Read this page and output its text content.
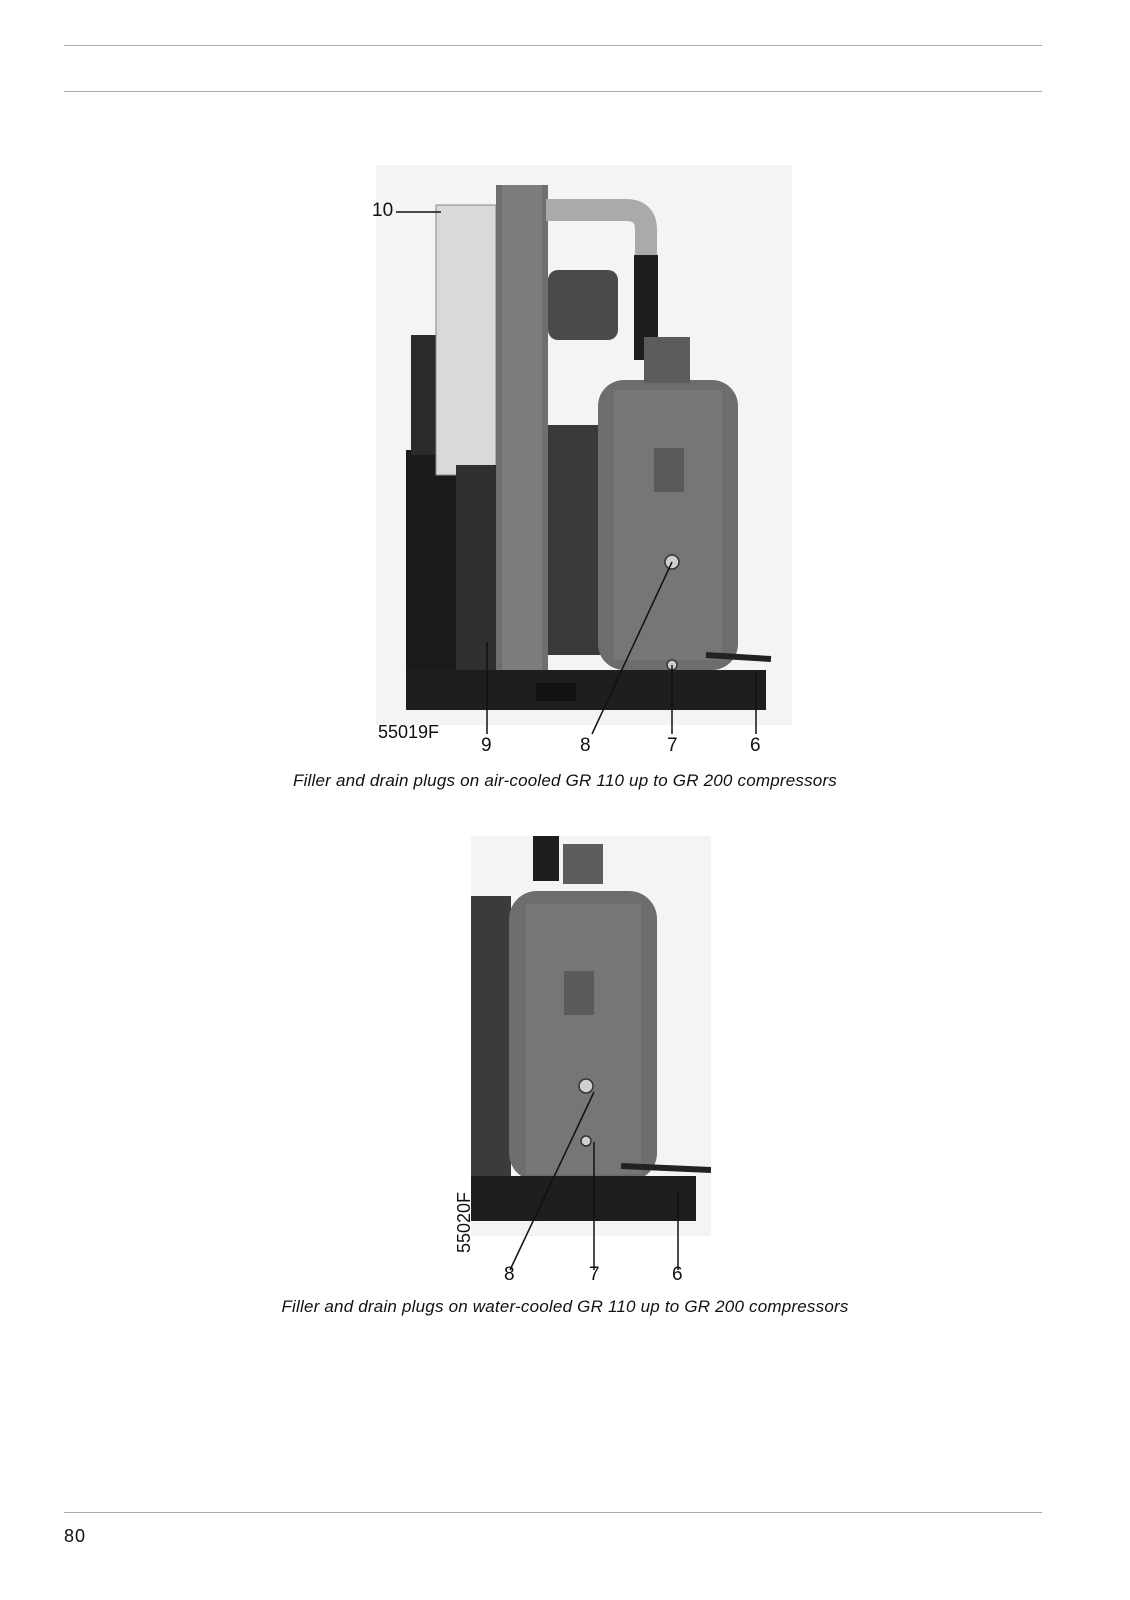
10
55019F
9	8	7	6
Filler and drain plugs on air-cooled GR 110 up to GR 200 compressors
55020F
8	7	6
Filler and drain plugs on water-cooled GR 110 up to GR 200 compressors
80
